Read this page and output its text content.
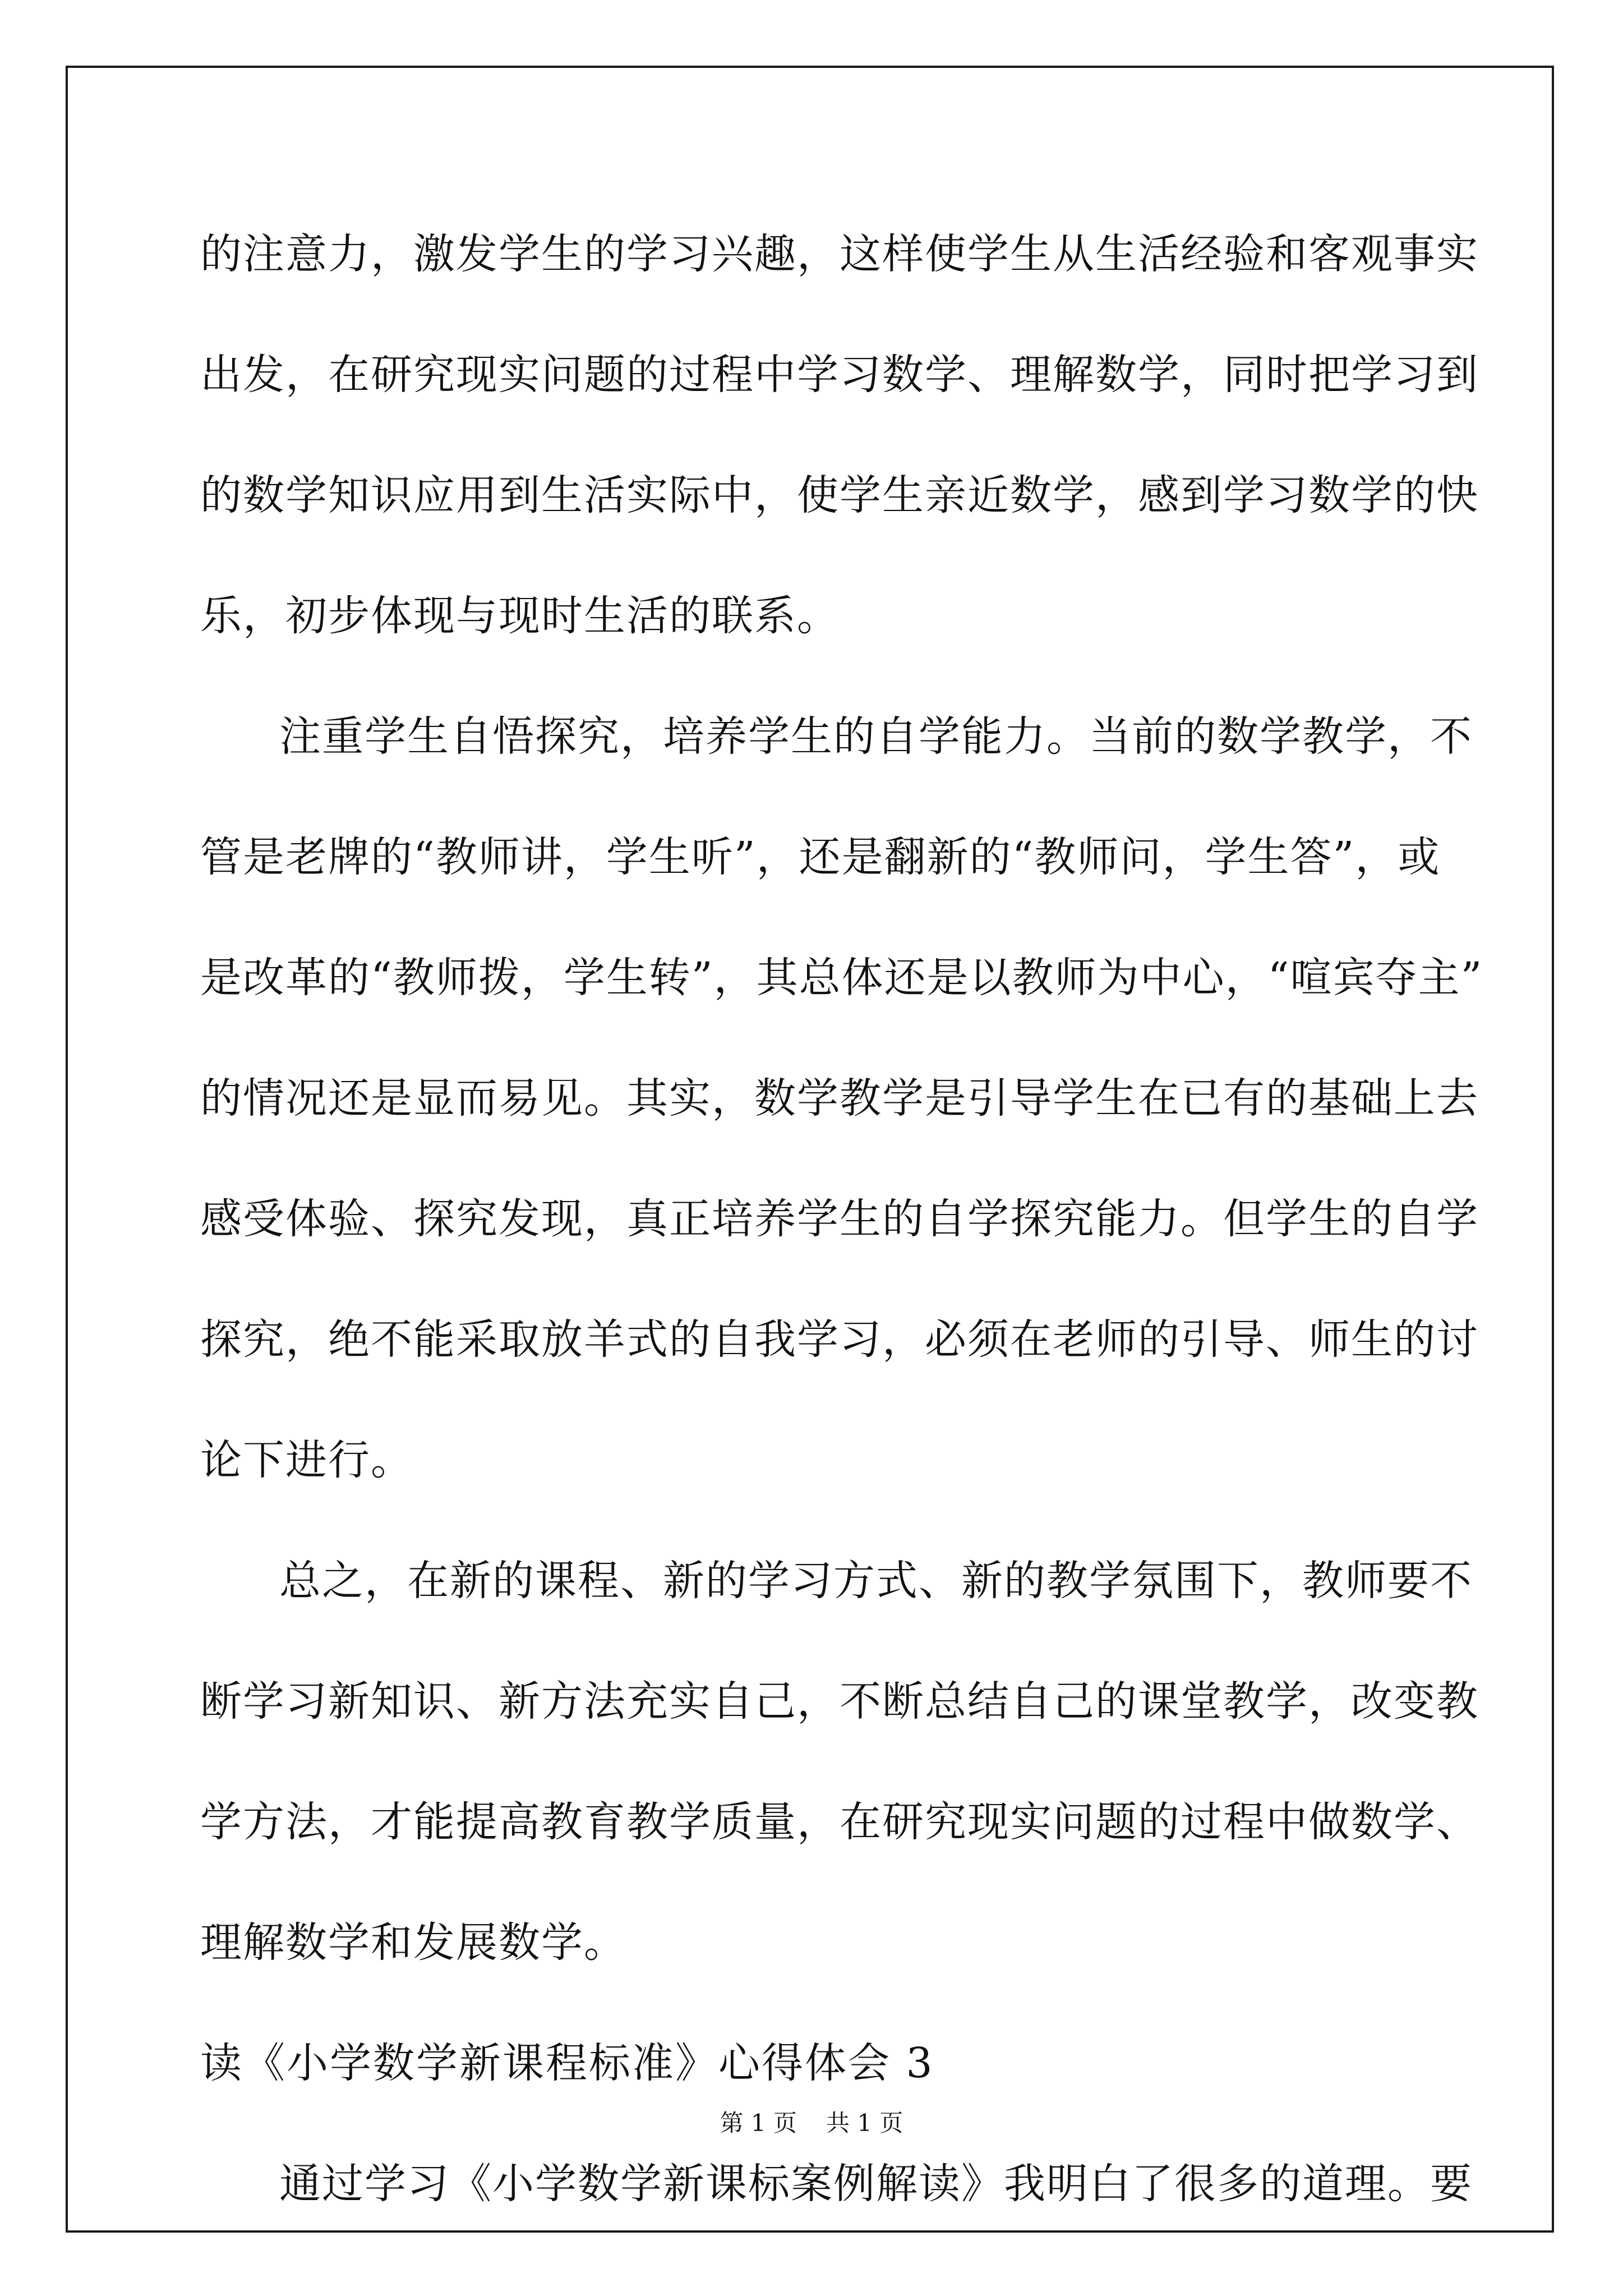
的注意力，激发学生的学习兴趣，这样使学生从生活经验和客观事实
出发，在研究现实问题的过程中学习数学、理解数学，同时把学习到
的数学知识应用到生活实际中，使学生亲近数学，感到学习数学的快
乐，初步体现与现时生活的联系。
注重学生自悟探究，培养学生的自学能力。当前的数学教学，不
管是老牌的“教师讲，学生听”，还是翻新的“教师问，学生答”，或
是改革的“教师拨，学生转”，其总体还是以教师为中心，“喧宾夺主”
的情况还是显而易见。其实，数学教学是引导学生在已有的基础上去
感受体验、探究发现，真正培养学生的自学探究能力。但学生的自学
探究，绝不能采取放羊式的自我学习，必须在老师的引导、师生的讨
论下进行。
总之，在新的课程、新的学习方式、新的教学氛围下，教师要不
断学习新知识、新方法充实自己，不断总结自己的课堂教学，改变教
学方法，才能提高教育教学质量，在研究现实问题的过程中做数学、
理解数学和发展数学。
读《小学数学新课程标准》心得体会 3
通过学习《小学数学新课标案例解读》我明白了很多的道理。要
第 1 页 共 1 页
